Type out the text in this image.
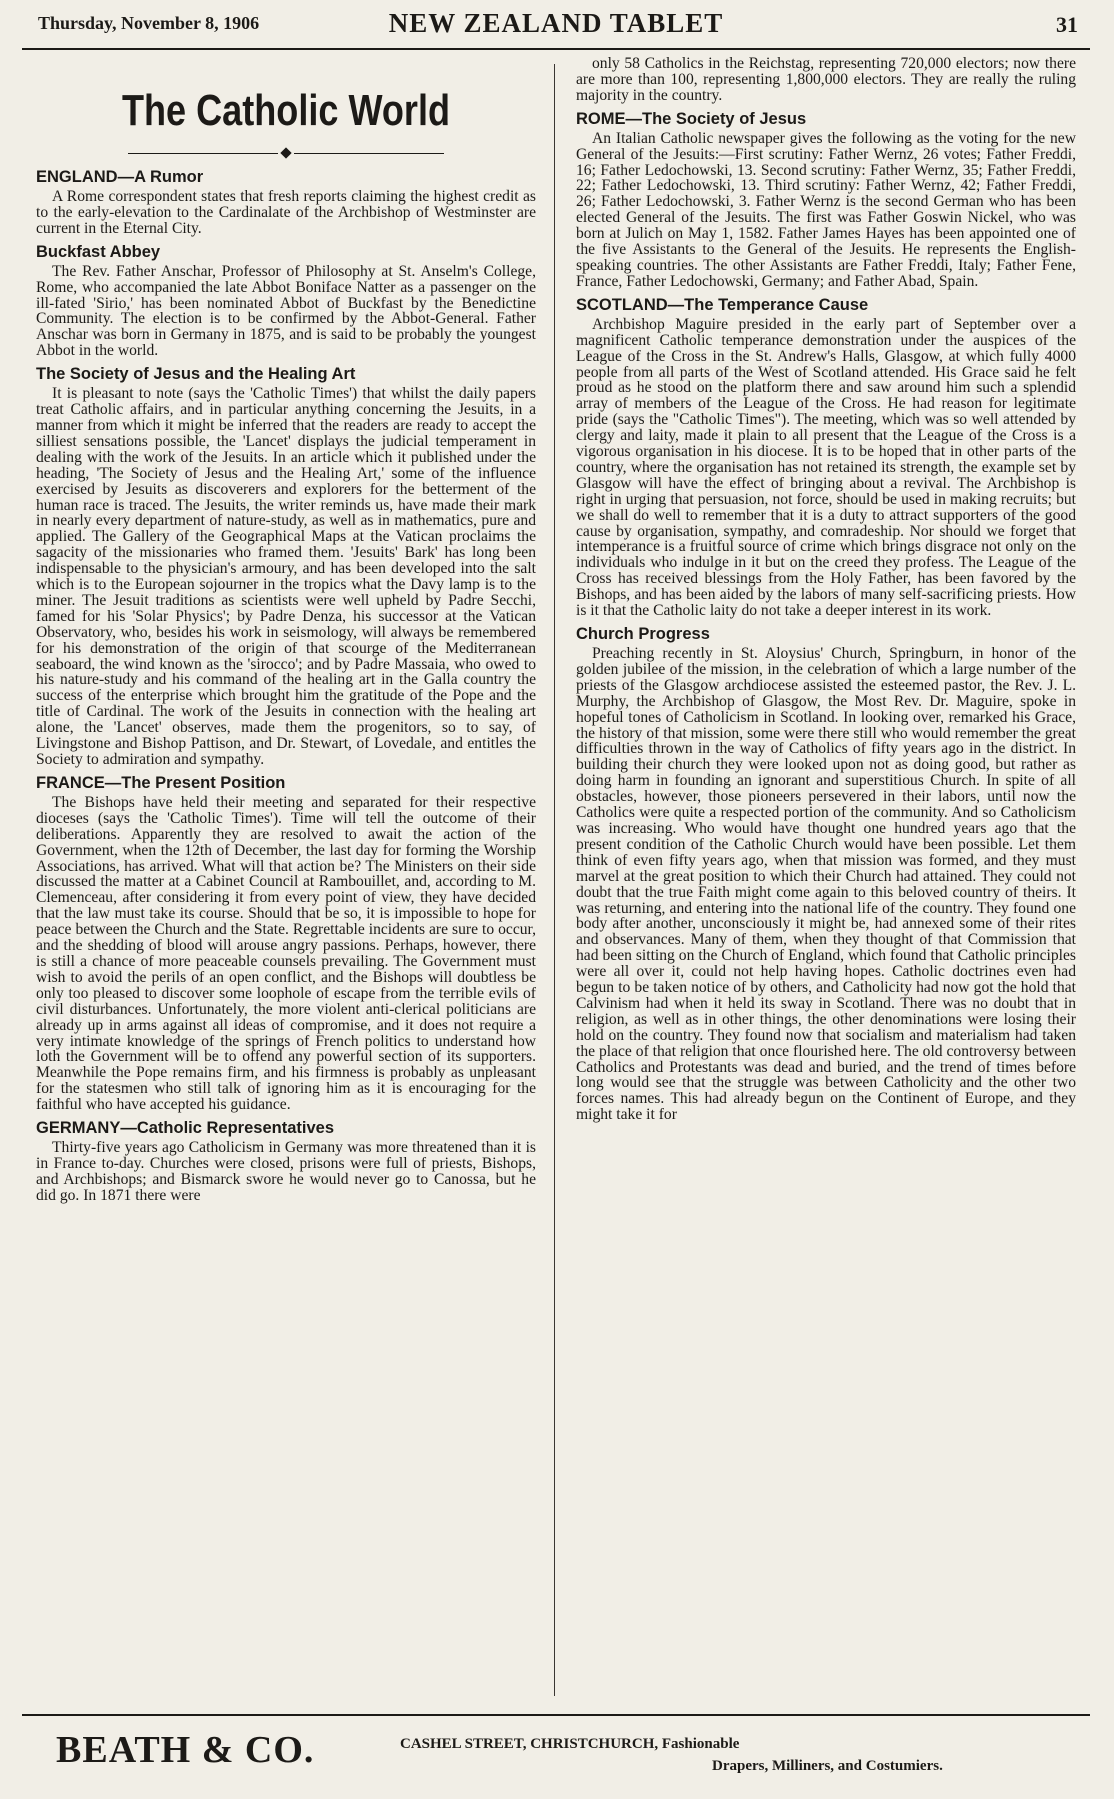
Thursday, November 8, 1906	NEW ZEALAND TABLET	31
The Catholic World
ENGLAND—A Rumor

A Rome correspondent states that fresh reports claiming the highest credit as to the early-elevation to the Cardinalate of the Archbishop of Westminster are current in the Eternal City.

Buckfast Abbey

The Rev. Father Anschar, Professor of Philosophy at St. Anselm's College, Rome, who accompanied the late Abbot Boniface Natter as a passenger on the ill-fated 'Sirio,' has been nominated Abbot of Buckfast by the Benedictine Community. The election is to be confirmed by the Abbot-General. Father Anschar was born in Germany in 1875, and is said to be probably the youngest Abbot in the world.

The Society of Jesus and the Healing Art

It is pleasant to note (says the 'Catholic Times') that whilst the daily papers treat Catholic affairs, and in particular anything concerning the Jesuits, in a manner from which it might be inferred that the readers are ready to accept the silliest sensations possible, the 'Lancet' displays the judicial temperament in dealing with the work of the Jesuits. In an article which it published under the heading, 'The Society of Jesus and the Healing Art,' some of the influence exercised by Jesuits as discoverers and explorers for the betterment of the human race is traced. The Jesuits, the writer reminds us, have made their mark in nearly every department of nature-study, as well as in mathematics, pure and applied. The Gallery of the Geographical Maps at the Vatican proclaims the sagacity of the missionaries who framed them. 'Jesuits' Bark' has long been indispensable to the physician's armoury, and has been developed into the salt which is to the European sojourner in the tropics what the Davy lamp is to the miner. The Jesuit traditions as scientists were well upheld by Padre Secchi, famed for his 'Solar Physics'; by Padre Denza, his successor at the Vatican Observatory, who, besides his work in seismology, will always be remembered for his demonstration of the origin of that scourge of the Mediterranean seaboard, the wind known as the 'sirocco'; and by Padre Massaia, who owed to his nature-study and his command of the healing art in the Galla country the success of the enterprise which brought him the gratitude of the Pope and the title of Cardinal. The work of the Jesuits in connection with the healing art alone, the 'Lancet' observes, made them the progenitors, so to say, of Livingstone and Bishop Pattison, and Dr. Stewart, of Lovedale, and entitles the Society to admiration and sympathy.

FRANCE—The Present Position

The Bishops have held their meeting and separated for their respective dioceses (says the 'Catholic Times'). Time will tell the outcome of their deliberations. Apparently they are resolved to await the action of the Government, when the 12th of December, the last day for forming the Worship Associations, has arrived. What will that action be? The Ministers on their side discussed the matter at a Cabinet Council at Rambouillet, and, according to M. Clemenceau, after considering it from every point of view, they have decided that the law must take its course. Should that be so, it is impossible to hope for peace between the Church and the State. Regrettable incidents are sure to occur, and the shedding of blood will arouse angry passions. Perhaps, however, there is still a chance of more peaceable counsels prevailing. The Government must wish to avoid the perils of an open conflict, and the Bishops will doubtless be only too pleased to discover some loophole of escape from the terrible evils of civil disturbances. Unfortunately, the more violent anti-clerical politicians are already up in arms against all ideas of compromise, and it does not require a very intimate knowledge of the springs of French politics to understand how loth the Government will be to offend any powerful section of its supporters. Meanwhile the Pope remains firm, and his firmness is probably as unpleasant for the statesmen who still talk of ignoring him as it is encouraging for the faithful who have accepted his guidance.

GERMANY—Catholic Representatives

Thirty-five years ago Catholicism in Germany was more threatened than it is in France to-day. Churches were closed, prisons were full of priests, Bishops, and Archbishops; and Bismarck swore he would never go to Canossa, but he did go. In 1871 there were

only 58 Catholics in the Reichstag, representing 720,000 electors; now there are more than 100, representing 1,800,000 electors. They are really the ruling majority in the country.

ROME—The Society of Jesus

An Italian Catholic newspaper gives the following as the voting for the new General of the Jesuits:—First scrutiny: Father Wernz, 26 votes; Father Freddi, 16; Father Ledochowski, 13. Second scrutiny: Father Wernz, 35; Father Freddi, 22; Father Ledochowski, 13. Third scrutiny: Father Wernz, 42; Father Freddi, 26; Father Ledochowski, 3. Father Wernz is the second German who has been elected General of the Jesuits. The first was Father Goswin Nickel, who was born at Julich on May 1, 1582. Father James Hayes has been appointed one of the five Assistants to the General of the Jesuits. He represents the English-speaking countries. The other Assistants are Father Freddi, Italy; Father Fene, France, Father Ledochowski, Germany; and Father Abad, Spain.

SCOTLAND—The Temperance Cause

Archbishop Maguire presided in the early part of September over a magnificent Catholic temperance demonstration under the auspices of the League of the Cross in the St. Andrew's Halls, Glasgow, at which fully 4000 people from all parts of the West of Scotland attended. His Grace said he felt proud as he stood on the platform there and saw around him such a splendid array of members of the League of the Cross. He had reason for legitimate pride (says the "Catholic Times"). The meeting, which was so well attended by clergy and laity, made it plain to all present that the League of the Cross is a vigorous organisation in his diocese. It is to be hoped that in other parts of the country, where the organisation has not retained its strength, the example set by Glasgow will have the effect of bringing about a revival. The Archbishop is right in urging that persuasion, not force, should be used in making recruits; but we shall do well to remember that it is a duty to attract supporters of the good cause by organisation, sympathy, and comradeship. Nor should we forget that intemperance is a fruitful source of crime which brings disgrace not only on the individuals who indulge in it but on the creed they profess. The League of the Cross has received blessings from the Holy Father, has been favored by the Bishops, and has been aided by the labors of many self-sacrificing priests. How is it that the Catholic laity do not take a deeper interest in its work.

Church Progress

Preaching recently in St. Aloysius' Church, Springburn, in honor of the golden jubilee of the mission, in the celebration of which a large number of the priests of the Glasgow archdiocese assisted the esteemed pastor, the Rev. J. L. Murphy, the Archbishop of Glasgow, the Most Rev. Dr. Maguire, spoke in hopeful tones of Catholicism in Scotland. In looking over, remarked his Grace, the history of that mission, some were there still who would remember the great difficulties thrown in the way of Catholics of fifty years ago in the district. In building their church they were looked upon not as doing good, but rather as doing harm in founding an ignorant and superstitious Church. In spite of all obstacles, however, those pioneers persevered in their labors, until now the Catholics were quite a respected portion of the community. And so Catholicism was increasing. Who would have thought one hundred years ago that the present condition of the Catholic Church would have been possible. Let them think of even fifty years ago, when that mission was formed, and they must marvel at the great position to which their Church had attained. They could not doubt that the true Faith might come again to this beloved country of theirs. It was returning, and entering into the national life of the country. They found one body after another, unconsciously it might be, had annexed some of their rites and observances. Many of them, when they thought of that Commission that had been sitting on the Church of England, which found that Catholic principles were all over it, could not help having hopes. Catholic doctrines even had begun to be taken notice of by others, and Catholicity had now got the hold that Calvinism had when it held its sway in Scotland. There was no doubt that in religion, as well as in other things, the other denominations were losing their hold on the country. They found now that socialism and materialism had taken the place of that religion that once flourished here. The old controversy between Catholics and Protestants was dead and buried, and the trend of times before long would see that the struggle was between Catholicity and the other two forces names. This had already begun on the Continent of Europe, and they might take it for

BEATH & CO.	CASHEL STREET, CHRISTCHURCH, Fashionable
Drapers, Milliners, and Costumiers.
